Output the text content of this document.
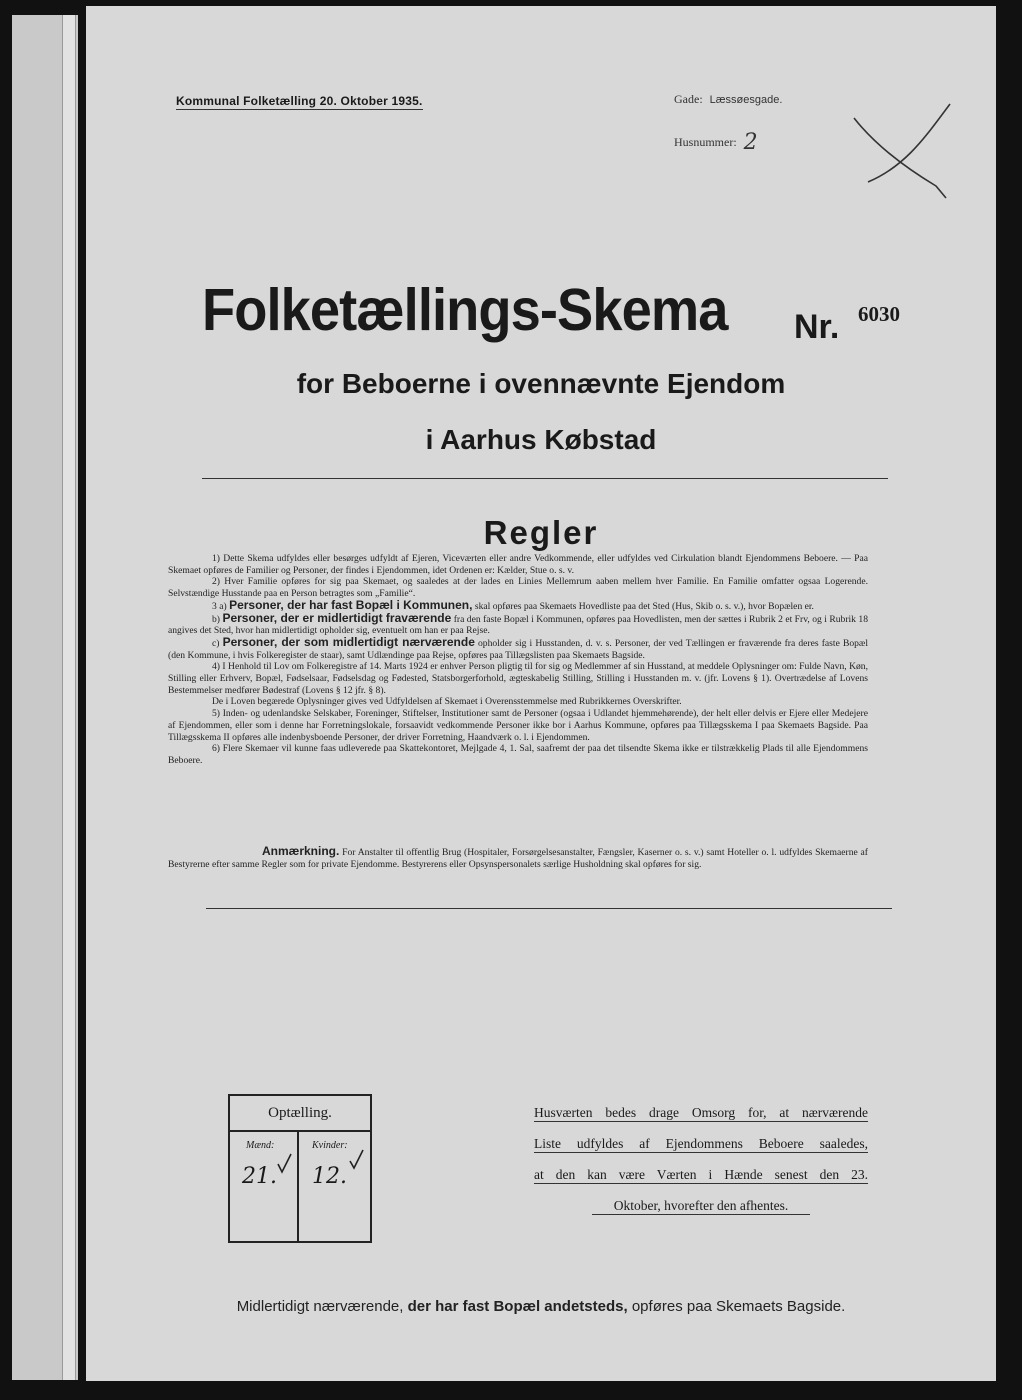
Kommunal Folketælling 20. Oktober 1935.	Gade: Læssøesgade.
Husnummer: 2
Folketællings-Skema Nr. 6030
for Beboerne i ovennævnte Ejendom
i Aarhus Købstad
Regler

1) Dette Skema udfyldes eller besørges udfyldt af Ejeren, Viceværten eller andre Vedkommende, eller udfyldes ved Cirkulation blandt Ejendommens Beboere. — Paa Skemaet opføres de Familier og Personer, der findes i Ejendommen, idet Ordenen er: Kælder, Stue o. s. v.

2) Hver Familie opføres for sig paa Skemaet, og saaledes at der lades en Linies Mellemrum aaben mellem hver Familie. En Familie omfatter ogsaa Logerende. Selvstændige Husstande paa en Person betragtes som „Familie“.

3 a) Personer, der har fast Bopæl i Kommunen, skal opføres paa Skemaets Hovedliste paa det Sted (Hus, Skib o. s. v.), hvor Bopælen er.

b) Personer, der er midlertidigt fraværende fra den faste Bopæl i Kommunen, opføres paa Hovedlisten, men der sættes i Rubrik 2 et Frv, og i Rubrik 18 angives det Sted, hvor han midlertidigt opholder sig, eventuelt om han er paa Rejse.

c) Personer, der som midlertidigt nærværende opholder sig i Husstanden, d. v. s. Personer, der ved Tællingen er fraværende fra deres faste Bopæl (den Kommune, i hvis Folkeregister de staar), samt Udlændinge paa Rejse, opføres paa Tillægslisten paa Skemaets Bagside.

4) I Henhold til Lov om Folkeregistre af 14. Marts 1924 er enhver Person pligtig til for sig og Medlemmer af sin Husstand, at meddele Oplysninger om: Fulde Navn, Køn, Stilling eller Erhverv, Bopæl, Fødselsaar, Fødselsdag og Fødested, Statsborgerforhold, ægteskabelig Stilling, Stilling i Husstanden m. v. (jfr. Lovens § 1). Overtrædelse af Lovens Bestemmelser medfører Bødestraf (Lovens § 12 jfr. § 8).

De i Loven begærede Oplysninger gives ved Udfyldelsen af Skemaet i Overensstemmelse med Rubrikkernes Overskrifter.

5) Inden- og udenlandske Selskaber, Foreninger, Stiftelser, Institutioner samt de Personer (ogsaa i Udlandet hjemmehørende), der helt eller delvis er Ejere eller Medejere af Ejendommen, eller som i denne har Forretningslokale, forsaavidt vedkommende Personer ikke bor i Aarhus Kommune, opføres paa Tillægsskema I paa Skemaets Bagside. Paa Tillægsskema II opføres alle indenbysboende Personer, der driver Forretning, Haandværk o. l. i Ejendommen.

6) Flere Skemaer vil kunne faas udleverede paa Skattekontoret, Mejlgade 4, 1. Sal, saafremt der paa det tilsendte Skema ikke er tilstrækkelig Plads til alle Ejendommens Beboere.

Anmærkning. For Anstalter til offentlig Brug (Hospitaler, Forsørgelsesanstalter, Fængsler, Kaserner o. s. v.) samt Hoteller o. l. udfyldes Skemaerne af Bestyrerne efter samme Regler som for private Ejendomme. Bestyrerens eller Opsynspersonalets særlige Husholdning skal opføres for sig.
Optælling.
Mænd:	Kvinder:
21. 12.
Husværten bedes drage Omsorg for, at nærværende
Liste udfyldes af Ejendommens Beboere saaledes,
at den kan være Værten i Hænde senest den 23.
Oktober, hvorefter den afhentes.
Midlertidigt nærværende, der har fast Bopæl andetsteds, opføres paa Skemaets Bagside.
